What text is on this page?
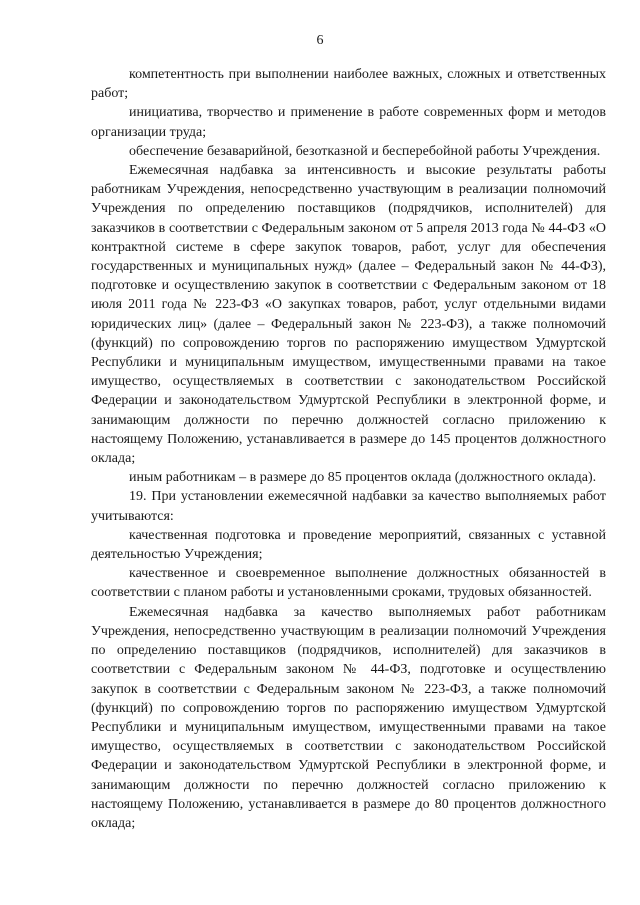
6

компетентность при выполнении наиболее важных, сложных и ответственных работ;

инициатива, творчество и применение в работе современных форм и методов организации труда;

обеспечение безаварийной, безотказной и бесперебойной работы Учреждения.

Ежемесячная надбавка за интенсивность и высокие результаты работы работникам Учреждения, непосредственно участвующим в реализации полномочий Учреждения по определению поставщиков (подрядчиков, исполнителей) для заказчиков в соответствии с Федеральным законом от 5 апреля 2013 года № 44-ФЗ «О контрактной системе в сфере закупок товаров, работ, услуг для обеспечения государственных и муниципальных нужд» (далее – Федеральный закон № 44-ФЗ), подготовке и осуществлению закупок в соответствии с Федеральным законом от 18 июля 2011 года № 223-ФЗ «О закупках товаров, работ, услуг отдельными видами юридических лиц» (далее – Федеральный закон № 223-ФЗ), а также полномочий (функций) по сопровождению торгов по распоряжению имуществом Удмуртской Республики и муниципальным имуществом, имущественными правами на такое имущество, осуществляемых в соответствии с законодательством Российской Федерации и законодательством Удмуртской Республики в электронной форме, и занимающим должности по перечню должностей согласно приложению к настоящему Положению, устанавливается в размере до 145 процентов должностного оклада;

иным работникам – в размере до 85 процентов оклада (должностного оклада).

19. При установлении ежемесячной надбавки за качество выполняемых работ учитываются:

качественная подготовка и проведение мероприятий, связанных с уставной деятельностью Учреждения;

качественное и своевременное выполнение должностных обязанностей в соответствии с планом работы и установленными сроками, трудовых обязанностей.

Ежемесячная надбавка за качество выполняемых работ работникам Учреждения, непосредственно участвующим в реализации полномочий Учреждения по определению поставщиков (подрядчиков, исполнителей) для заказчиков в соответствии с Федеральным законом № 44-ФЗ, подготовке и осуществлению закупок в соответствии с Федеральным законом № 223-ФЗ, а также полномочий (функций) по сопровождению торгов по распоряжению имуществом Удмуртской Республики и муниципальным имуществом, имущественными правами на такое имущество, осуществляемых в соответствии с законодательством Российской Федерации и законодательством Удмуртской Республики в электронной форме, и занимающим должности по перечню должностей согласно приложению к настоящему Положению, устанавливается в размере до 80 процентов должностного оклада;
